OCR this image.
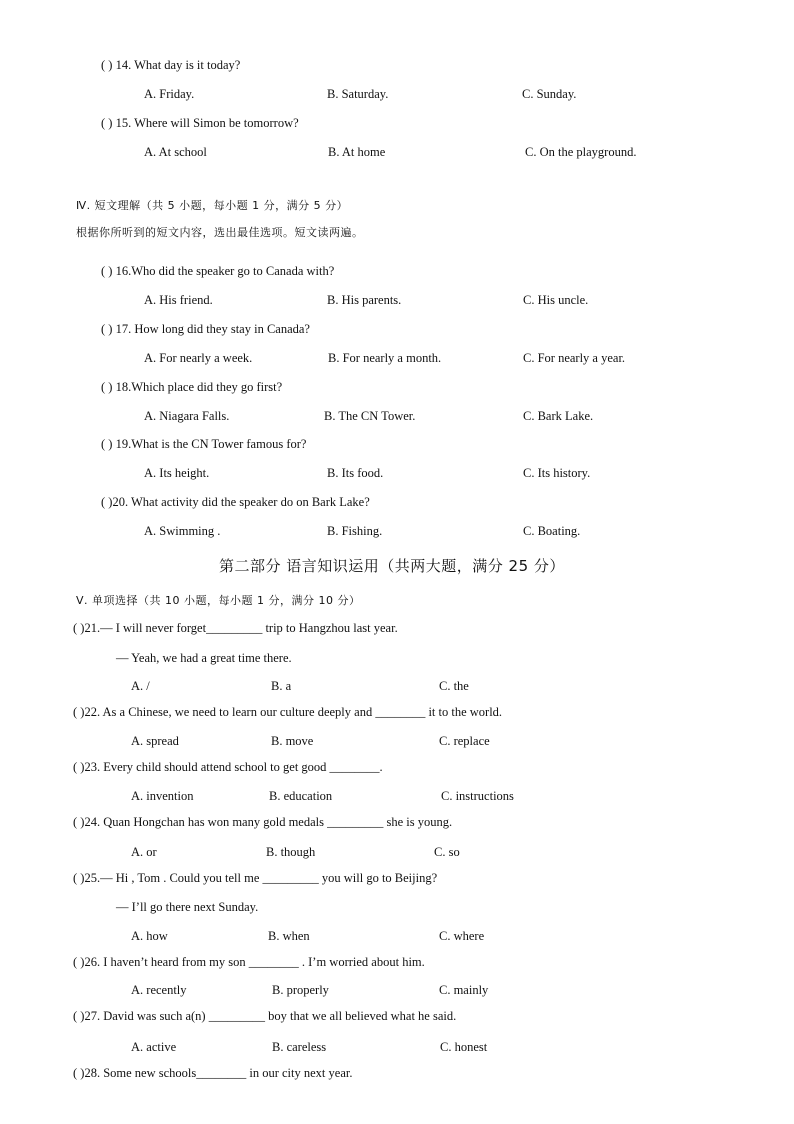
( ) 14. What day is it today?
A. Friday.	B. Saturday.	C. Sunday.
( ) 15. Where will Simon be tomorrow?
A. At school	B. At home	C. On the playground.
Ⅳ. 短文理解（共 5 小题，每小题 1 分，满分 5 分）
根据你所听到的短文内容，选出最佳选项。短文读两遍。
( ) 16.Who did the speaker go to Canada with?
A. His friend.	B. His parents.	C. His uncle.
( ) 17. How long did they stay in Canada?
A. For nearly a week.	B. For nearly a month.	C. For nearly a year.
( ) 18.Which place did they go first?
A. Niagara Falls.	B. The CN Tower.	C. Bark Lake.
( ) 19.What is the CN Tower famous for?
A. Its height.	B. Its food.	C. Its history.
( )20. What activity did the speaker do on Bark Lake?
A. Swimming .	B. Fishing.	C. Boating.
第二部分 语言知识运用（共两大题，满分 25 分）
Ⅴ. 单项选择（共 10 小题，每小题 1 分，满分 10 分）
( )21.— I will never forget_________ trip to Hangzhou last year.
— Yeah, we had a great time there.
A. /	B. a	C. the
( )22. As a Chinese, we need to learn our culture deeply and ________ it to the world.
A. spread	B. move	C. replace
( )23. Every child should attend school to get good ________.
A. invention	B. education	C. instructions
( )24. Quan Hongchan has won many gold medals _________ she is young.
A. or	B. though	C. so
( )25.— Hi , Tom . Could you tell me _________ you will go to Beijing?
— I’ll go there next Sunday.
A. how	B. when	C. where
( )26. I haven’t heard from my son ________ . I’m worried about him.
A. recently	B. properly	C. mainly
( )27. David was such a(n) _________ boy that we all believed what he said.
A. active	B. careless	C. honest
( )28. Some new schools________ in our city next year.
